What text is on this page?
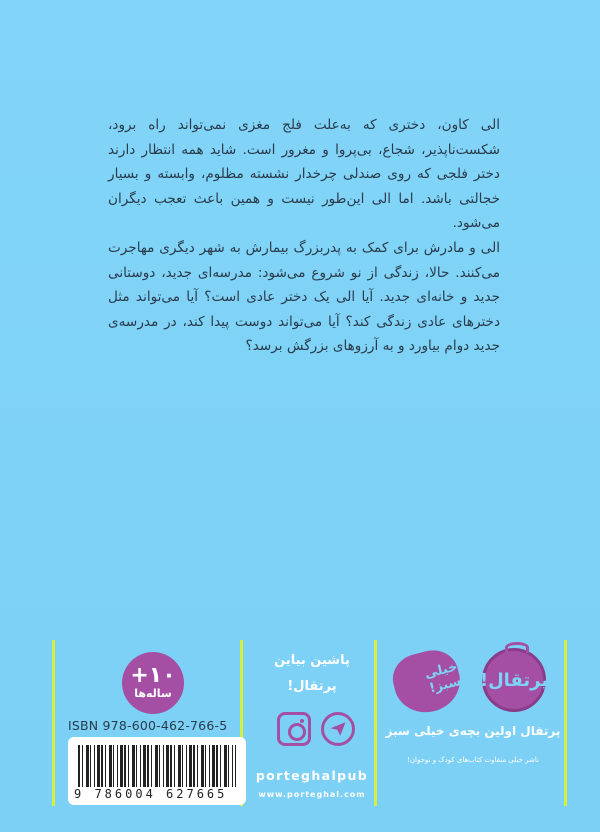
الی کاون، دختری که به‌علت فلج مغزی نمی‌تواند راه برود، شکست‌ناپذیر، شجاع، بی‌پروا و مغرور است. شاید همه انتظار دارند دختر فلجی که روی صندلی چرخدار نشسته مظلوم، وابسته و بسیار خجالتی باشد. اما الی این‌طور نیست و همین باعث تعجب دیگران می‌شود.

الی و مادرش برای کمک به پدربزرگ بیمارش به شهر دیگری مهاجرت می‌کنند. حالا، زندگی از نو شروع می‌شود: مدرسه‌ای جدید، دوستانی جدید و خانه‌ای جدید. آیا الی یک دختر عادی است؟ آیا می‌تواند مثل دخترهای عادی زندگی کند؟ آیا می‌تواند دوست پیدا کند، در مدرسه‌ی جدید دوام بیاورد و به آرزوهای بزرگش برسد؟

+۱۰
ساله‌ها
ISBN 978-600-462-766-5
9 786004 627665
پاشین بیاین
پرتقال!
porteghalpub
www.porteghal.com
خیلی سبز! پرتقال!
پرتقال اولین بچه‌ی خیلی سبز
ناشر خیلی متفاوت کتاب‌های کودک و نوجوان!
